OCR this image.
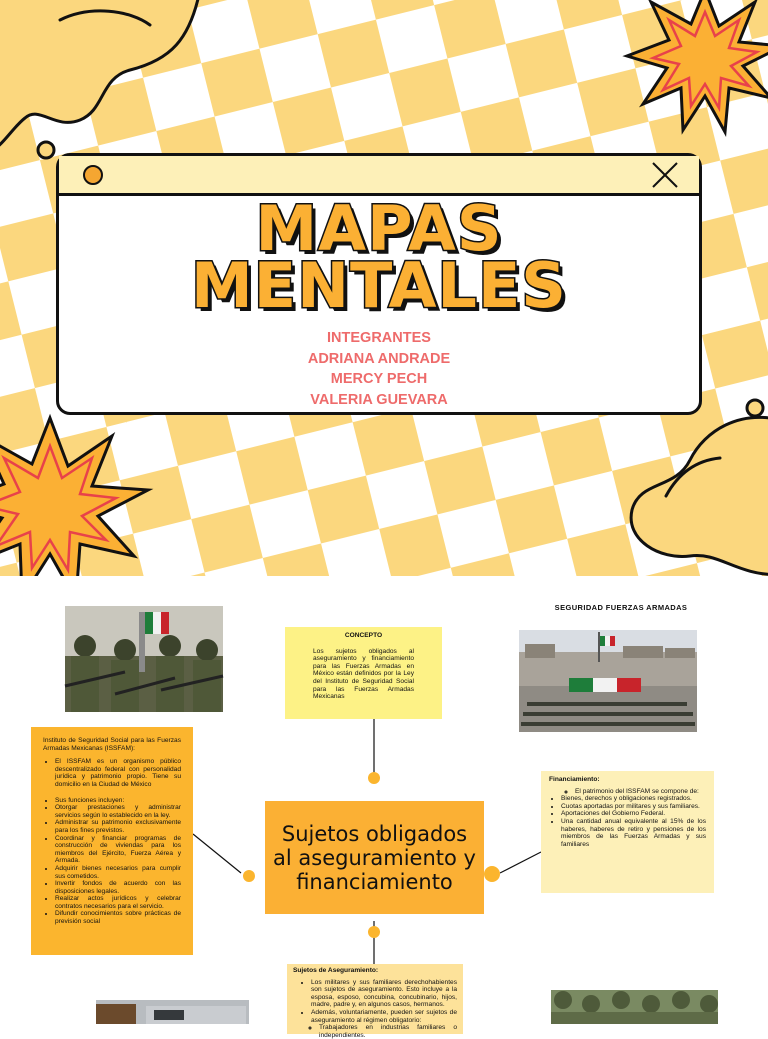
MAPAS
MENTALES
INTEGRANTES
ADRIANA ANDRADE
MERCY PECH
VALERIA GUEVARA
SEGURIDAD FUERZAS ARMADAS
CONCEPTO
Los sujetos obligados al aseguramiento y financiamiento para las Fuerzas Armadas en México están definidos por la Ley del Instituto de Seguridad Social para las Fuerzas Armadas Mexicanas

Instituto de Seguridad Social para las Fuerzas Armadas Mexicanas (ISSFAM):

• El ISSFAM es un organismo público descentralizado federal con personalidad jurídica y patrimonio propio. Tiene su domicilio en la Ciudad de México
• Sus funciones incluyen:
• Otorgar prestaciones y administrar servicios según lo establecido en la ley.
• Administrar su patrimonio exclusivamente para los fines previstos.
• Coordinar y financiar programas de construcción de viviendas para los miembros del Ejército, Fuerza Aérea y Armada.
• Adquirir bienes necesarios para cumplir sus cometidos.
• Invertir fondos de acuerdo con las disposiciones legales.
• Realizar actos jurídicos y celebrar contratos necesarios para el servicio.
• Difundir conocimientos sobre prácticas de previsión social
Sujetos obligados al aseguramiento y financiamiento
Financiamiento:
◦ El patrimonio del ISSFAM se compone de:
• Bienes, derechos y obligaciones registrados.
• Cuotas aportadas por militares y sus familiares.
• Aportaciones del Gobierno Federal.
• Una cantidad anual equivalente al 15% de los haberes, haberes de retiro y pensiones de los miembros de las Fuerzas Armadas y sus familiares
Sujetos de Aseguramiento:
• Los militares y sus familiares derechohabientes son sujetos de aseguramiento. Esto incluye a la esposa, esposo, concubina, concubinario, hijos, madre, padre y, en algunos casos, hermanos.
• Además, voluntariamente, pueden ser sujetos de aseguramiento al régimen obligatorio:
◦ Trabajadores en industrias familiares o independientes.
